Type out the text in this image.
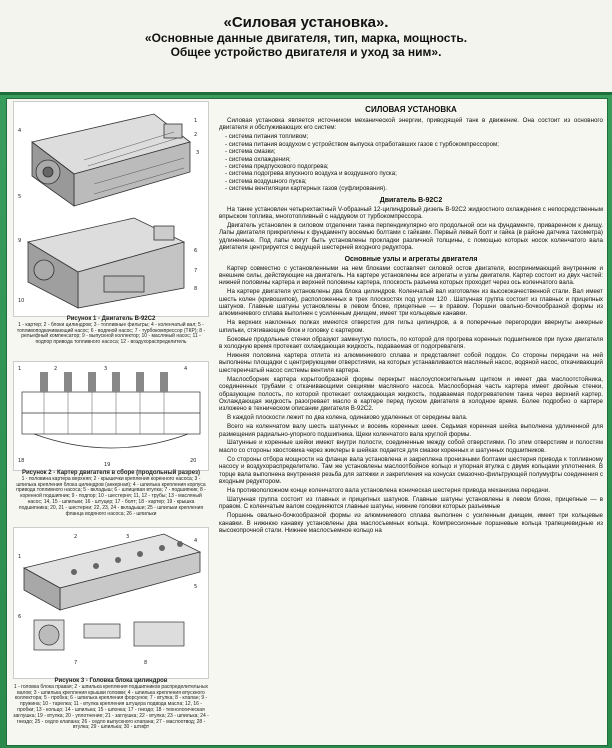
«Силовая установка».
«Основные данные двигателя, тип, марка, мощность.
Общее устройство двигателя и уход за ним».
1
2
3
4
5
6
7
8
9
10
Рисунок 1 - Двигатель В-92С2
1 - картер; 2 - блоки цилиндров; 3 - топливные фильтры; 4 - коленчатый вал; 5 - топливоподкачивающий насос; 6 - водяной насос; 7 - турбокомпрессор (ТКР); 8 - рельефный компенсатор; 9 - выпускной коллектор; 10 - масляный насос; 11 - подпор привода топливного насоса; 12 - воздухораспределитель
1	2	3	4
18
19
20
Рисунок 2 - Картер двигателя в сборе (продольный разрез)
1 - половина картера верхняя; 2 - крышечки крепления коренного насоса; 3 - шпилька крепления блока цилиндров (анкерная); 4 - шпилька крепления корпуса привода топливного насоса; 5 - вкладыш; 6 - шлицевая втулка; 7 - подшипник; 8 - коренной подшипник; 9 - подпор; 10 - шестерня; 11, 12 - трубы; 13 - масляный насос; 14, 15 - шпильки; 16 - штуцер; 17 - болт; 18 - картер; 19 - крышка подшипника; 20, 21 - шестерни; 22, 23, 24 - вкладыши; 25 - шпильки крепления фланца водяного насоса; 26 - шпильки
1
2	3
4
5
6
7	8
Рисунок 3 - Головка блока цилиндров
1 - головка блока правая; 2 - шпилька крепления подшипников распределительных валов; 3 - шпилька крепления крышки головки; 4 - шпилька крепления впускного коллектора; 5 - пробка; 6 - шпилька крепления форсунок; 7 - втулка; 8 - клапан; 9 - пружина; 10 - тарелка; 11 - втулка крепления штуцера подвода масла; 12, 16 - пробки; 13 - кольцо; 14 - шпилька; 15 - шпонка; 17 - гнездо; 18 - технологическая заглушка; 19 - втулка; 20 - уплотнение; 21 - заглушка; 22 - втулка; 23 - шпилька; 24 - гнездо; 25 - седло клапана; 26 - седло выпускного клапана; 27 - маслоотвод; 28 - втулка; 29 - шпилька; 30 - штифт
СИЛОВАЯ УСТАНОВКА

Силовая установка является источником механической энергии, приводящей танк в движение. Она состоит из основного двигателя и обслуживающих его систем:

- система питания топливом;
- система питания воздухом с устройством выпуска отработавших газов с турбокомпрессором;
- система смазки;
- система охлаждения;
- система предпускового подогрева;
- система подогрева впускного воздуха и воздушного пуска;
- система воздушного пуска;
- системы вентиляции картерных газов (суфлирования).
Двигатель В-92С2

На танке установлен четырехтактный V-образный 12-цилиндровый дизель В-92С2 жидкостного охлаждения с непосредственным впрыском топлива, многотопливный с наддувом от турбокомпрессора.

Двигатель установлен в силовом отделении танка перпендикулярно его продольной оси на фундаменте, приваренном к днищу. Лапы двигателя прикреплены к фундаменту восемью болтами с гайками. Первый левый болт и гайка (в районе датчика тахометра) удлиненные. Под лапы могут быть установлены прокладки различной толщины, с помощью которых носок коленчатого вала двигателя центрируется с ведущей шестерней входного редуктора.

Основные узлы и агрегаты двигателя

Картер совместно с установленными на нем блоками составляет силовой остов двигателя, воспринимающий внутренние и внешние силы, действующие на двигатель. На картере установлены все агрегаты и узлы двигателя. Картер состоит из двух частей: нижней половины картера и верхней половины картера, плоскость разъема которых проходит через ось коленчатого вала.

На картере двигателя установлены два блока цилиндров. Коленчатый вал изготовлен из высококачественной стали. Вал имеет шесть колен (кривошипов), расположенных в трех плоскостях под углом 120 . Шатунная группа состоит из главных и прицепных шатунов. Главные шатуны установлены в левом блоке, прицепные — в правом. Поршни овально-бочкообразной формы из алюминиевого сплава выполнен с усиленным днищем, имеет три кольцевые канавки.

На верхних наклонных полках имеются отверстия для гильз цилиндров, а в поперечные перегородки ввернуты анкерные шпильки, стягивающие блок и головку с картером.

Боковые продольные стенки образуют замкнутую полость, по которой для прогрева коренных подшипников при пуске двигателя в холодную время протекает охлаждающая жидкость, подаваемая от подогревателя.

Нижняя половина картера отлита из алюминиевого сплава и представляет собой поддон. Со стороны передачи на ней выполнены площадки с центрирующими отверстиями, на которых устанавливаются масляный насос, водяной насос, откачивающий шестеренчатый насос системы вентиля картера.

Маслосборник картера корытообразной формы перекрыт маслоуспокоительным щитком и имеет два маслоотстойника, соединенных трубами с откачивающими секциями масляного насоса. Маслосборная часть картера имеет двойные стенки, образующие полость, по которой протекает охлаждающая жидкость, подаваемая подогревателем танка через верхний картер. Охлаждающая жидкость разогревает масло в картере перед пуском двигателя в холодное время. Более подробно о картере изложено в техническом описании двигателя В-92С2.

В каждой плоскости лежит по два колена, одинаково удаленных от середины вала.

Всего на коленчатом валу шесть шатунных и восемь коренных шеек. Седьмая коренная шейка выполнена удлиненной для размещения радиально-упорного подшипника. Щеки коленчатого вала круглой формы.

Шатунные и коренные шейки имеют внутри полости, соединенные между собой отверстиями. По этим отверстиям и полостям масло со стороны хвостовика через жиклеры в шейках подается для смазки коренных и шатунных подшипников.

Со стороны отбора мощности на фланце вала установлена и закреплена пронизными болтами шестерня привода к топливному насосу и воздухораспределителю. Там же установлены маслоотбойное кольцо и упорная втулка с двумя кольцами уплотнения. В торце вала выполнена внутренняя резьба для затяжки и закрепления на конусах смазочно-фильтрующей полумуфты соединения с входным редуктором.

На противоположном конце коленчатого вала установлена коническая шестерня привода механизма передачи.

Шатунная группа состоит из главных и прицепных шатунов. Главные шатуны установлены в левом блоке, прицепные — в правом. С коленчатым валом соединяются главные шатуны, нижние головки которых разъемные

Поршень овально-бочкообразной формы из алюминиевого сплава выполнен с усиленным днищем, имеет три кольцевые канавки. В нижнюю канавку установлены два маслосъемных кольца. Компрессионные поршневые кольца трапециевидные из высокопрочной стали. Нижнее маслосъемное кольцо на
